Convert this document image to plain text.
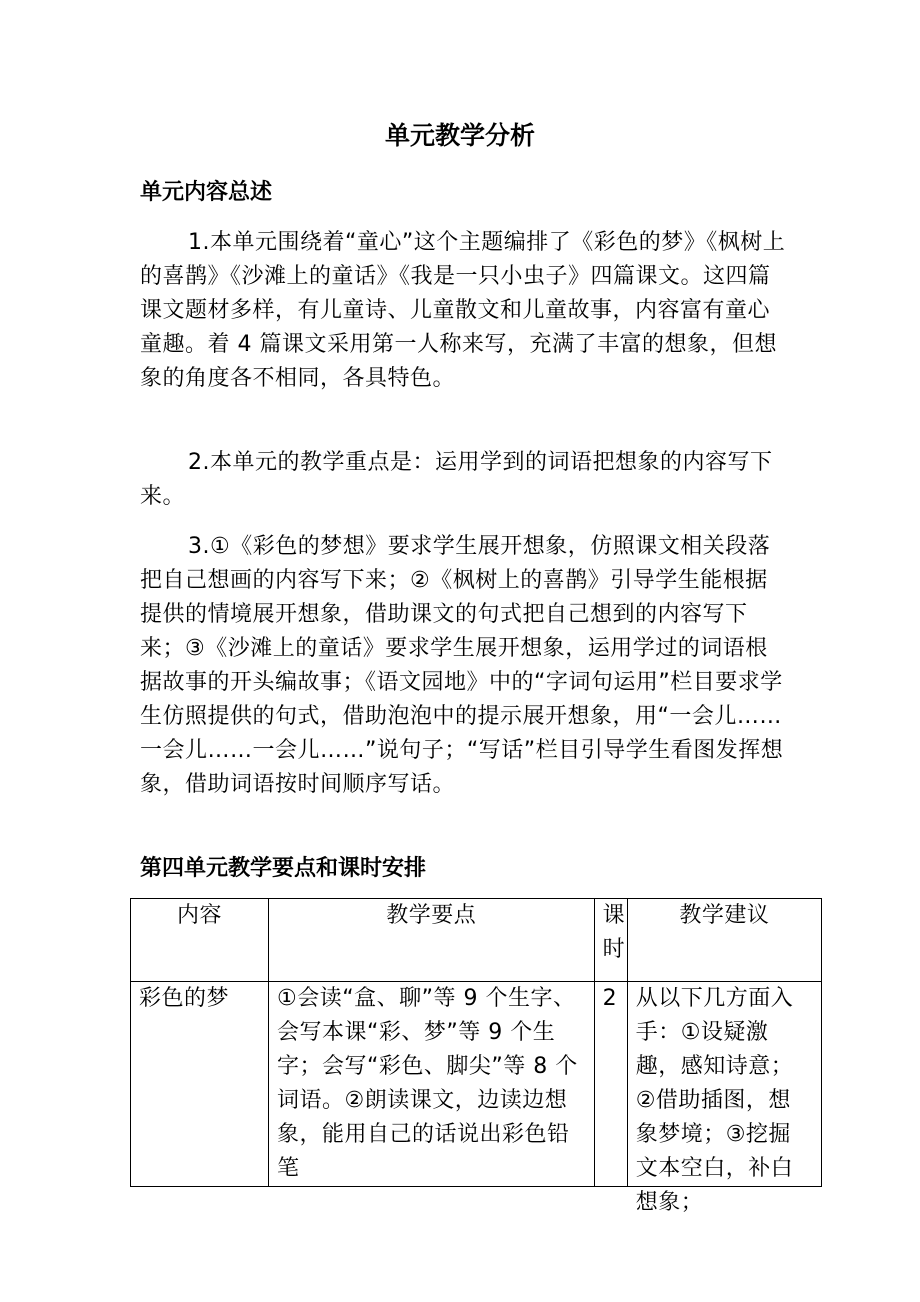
单元教学分析
单元内容总述
1.本单元围绕着“童心”这个主题编排了《彩色的梦》《枫树上的喜鹊》《沙滩上的童话》《我是一只小虫子》四篇课文。这四篇课文题材多样，有儿童诗、儿童散文和儿童故事，内容富有童心童趣。着 4 篇课文采用第一人称来写，充满了丰富的想象，但想象的角度各不相同，各具特色。
2.本单元的教学重点是：运用学到的词语把想象的内容写下来。
3.①《彩色的梦想》要求学生展开想象，仿照课文相关段落把自己想画的内容写下来；②《枫树上的喜鹊》引导学生能根据提供的情境展开想象，借助课文的句式把自己想到的内容写下来；③《沙滩上的童话》要求学生展开想象，运用学过的词语根据故事的开头编故事；《语文园地》中的“字词句运用”栏目要求学生仿照提供的句式，借助泡泡中的提示展开想象，用“一会儿……一会儿……一会儿……”说句子；“写话”栏目引导学生看图发挥想象，借助词语按时间顺序写话。
第四单元教学要点和课时安排
内容	教学要点	课时	教学建议

彩色的梦	①会读“盒、聊”等 9 个生字、会写本课“彩、梦”等 9 个生字；会写“彩色、脚尖”等 8 个词语。②朗读课文，边读边想象，能用自己的话说出彩色铅笔	2	从以下几方面入手：①设疑激趣，感知诗意；②借助插图，想象梦境；③挖掘文本空白，补白想象；
